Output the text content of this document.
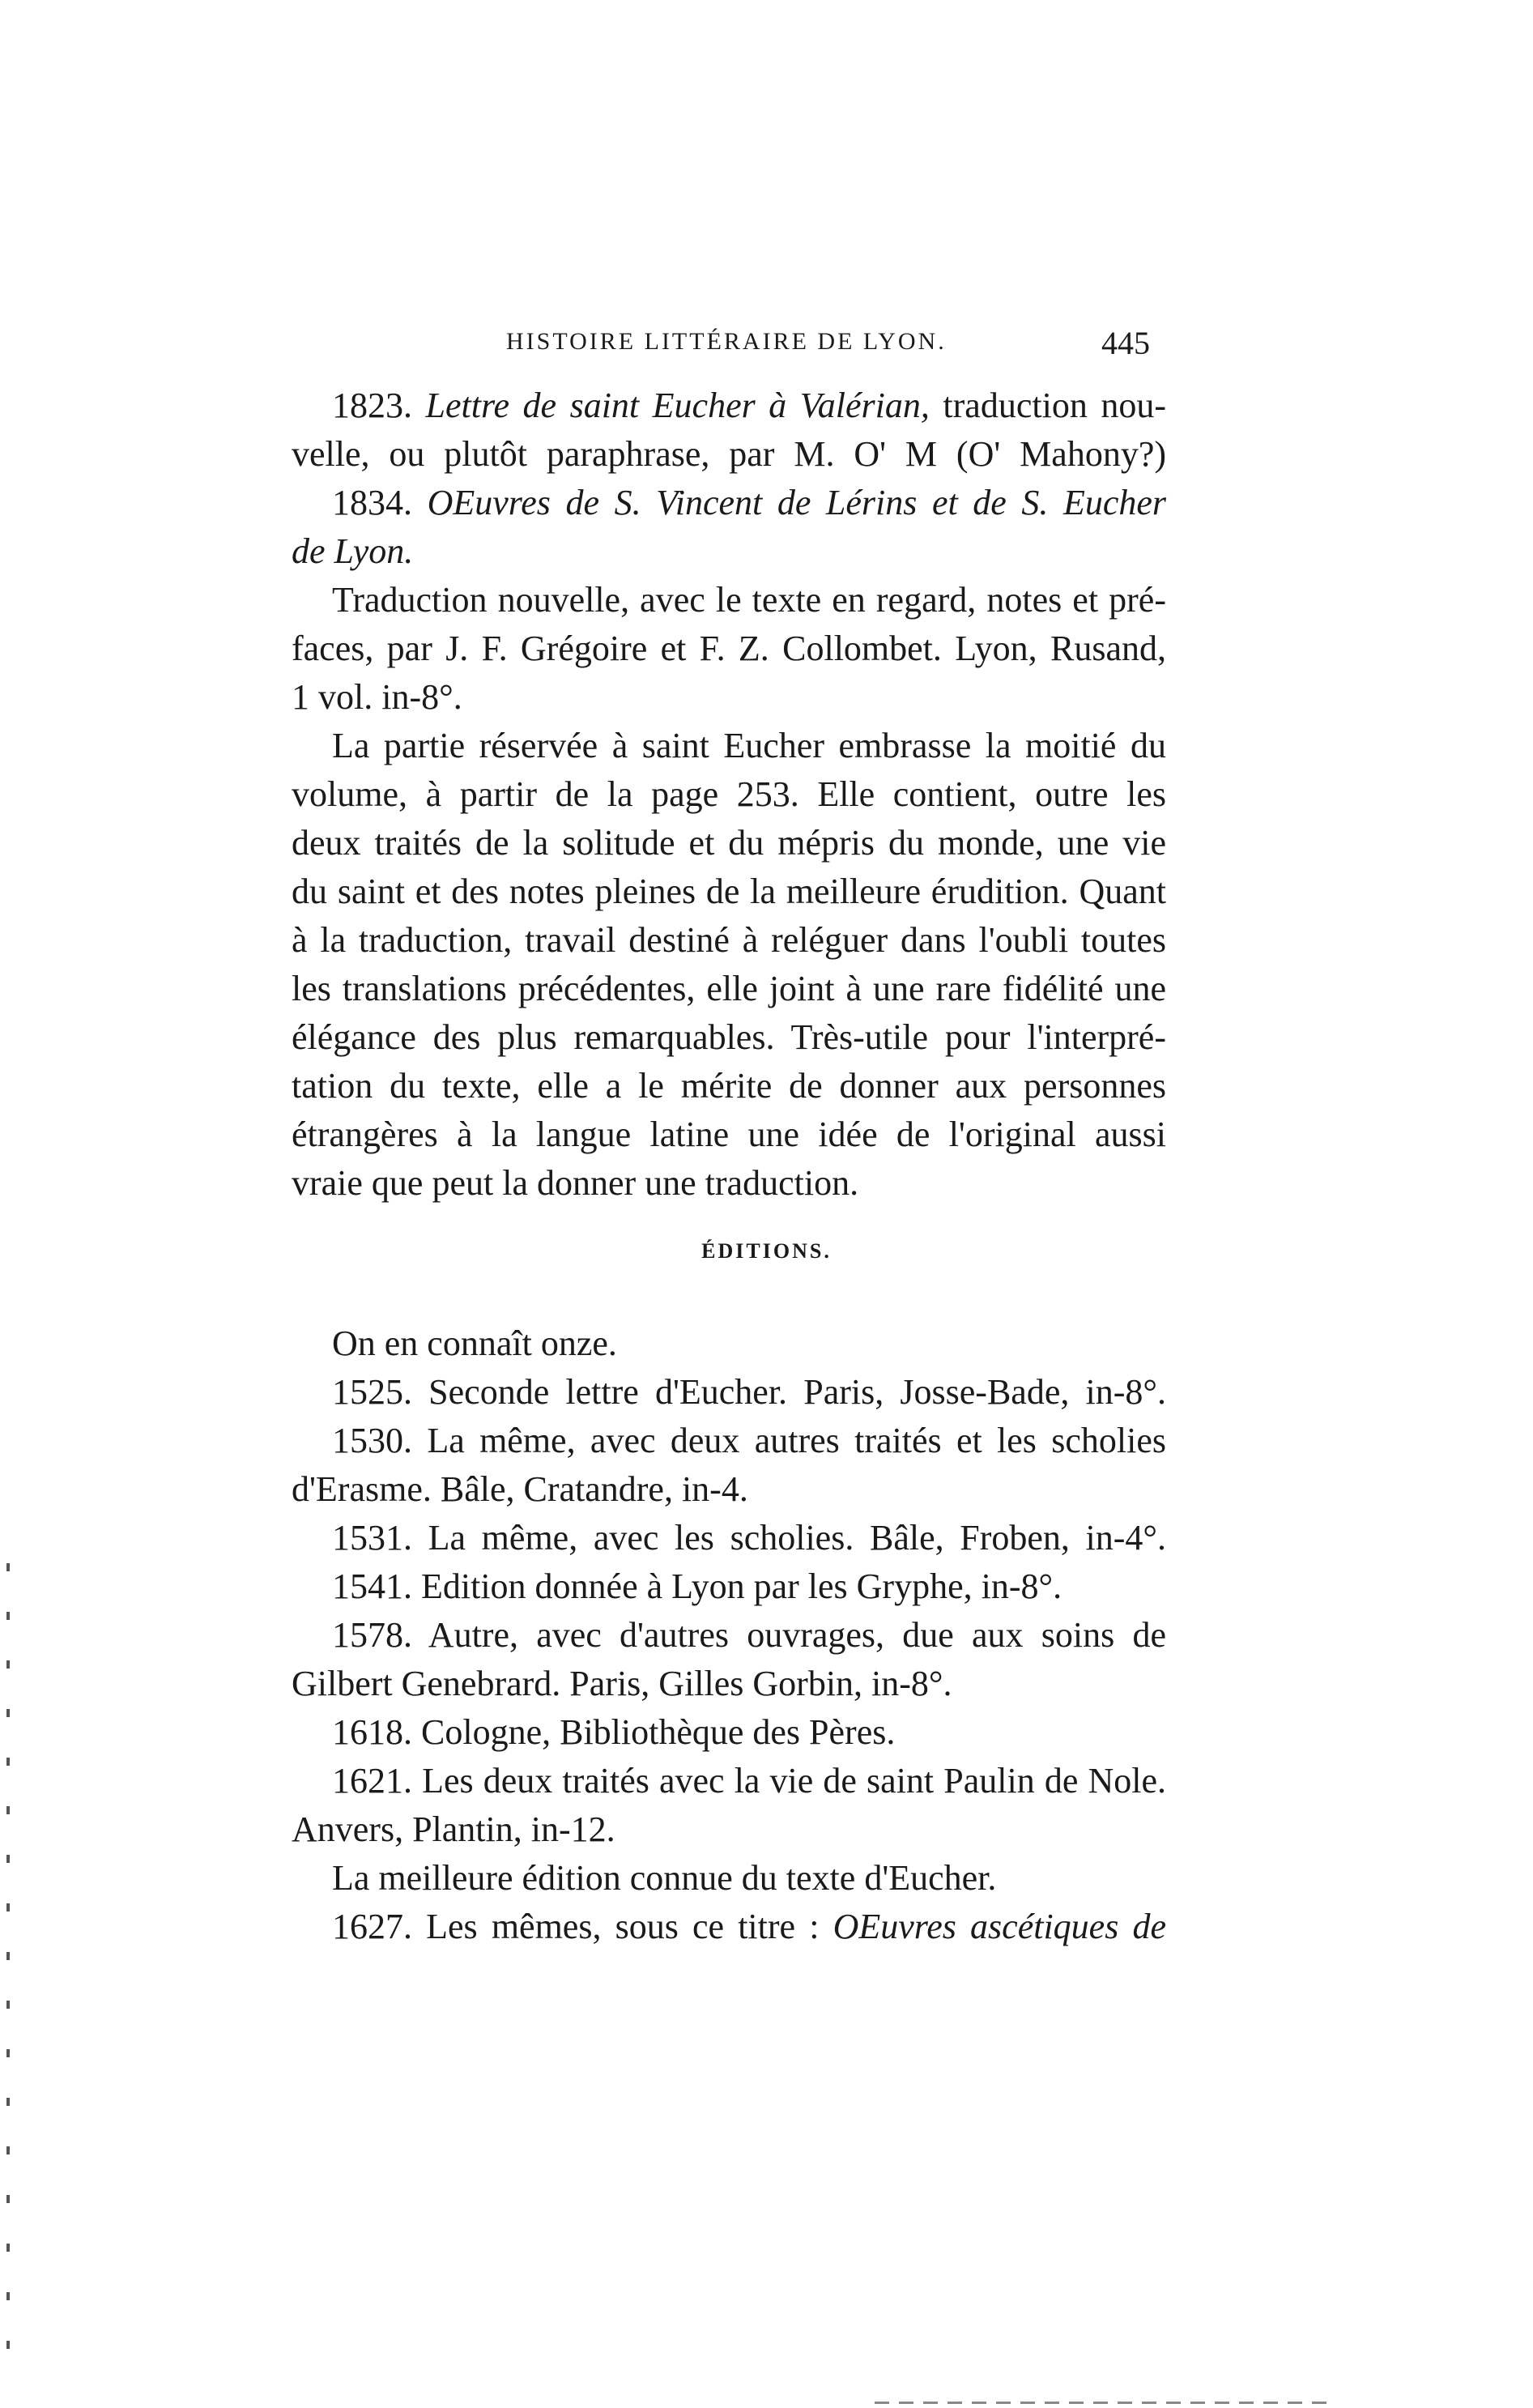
HISTOIRE LITTÉRAIRE DE LYON.	445
1823. Lettre de saint Eucher à Valérian, traduction nou-
velle, ou plutôt paraphrase, par M. O' M (O' Mahony?)
1834. OEuvres de S. Vincent de Lérins et de S. Eucher
de Lyon.
Traduction nouvelle, avec le texte en regard, notes et pré-
faces, par J. F. Grégoire et F. Z. Collombet. Lyon, Rusand,
1 vol. in-8°.
La partie réservée à saint Eucher embrasse la moitié du
volume, à partir de la page 253. Elle contient, outre les
deux traités de la solitude et du mépris du monde, une vie
du saint et des notes pleines de la meilleure érudition. Quant
à la traduction, travail destiné à reléguer dans l'oubli toutes
les translations précédentes, elle joint à une rare fidélité une
élégance des plus remarquables. Très-utile pour l'interpré-
tation du texte, elle a le mérite de donner aux personnes
étrangères à la langue latine une idée de l'original aussi
vraie que peut la donner une traduction.
ÉDITIONS.
On en connaît onze.
1525. Seconde lettre d'Eucher. Paris, Josse-Bade, in-8°.
1530. La même, avec deux autres traités et les scholies
d'Erasme. Bâle, Cratandre, in-4.
1531. La même, avec les scholies. Bâle, Froben, in-4°.
1541. Edition donnée à Lyon par les Gryphe, in-8°.
1578. Autre, avec d'autres ouvrages, due aux soins de
Gilbert Genebrard. Paris, Gilles Gorbin, in-8°.
1618. Cologne, Bibliothèque des Pères.
1621. Les deux traités avec la vie de saint Paulin de Nole.
Anvers, Plantin, in-12.
La meilleure édition connue du texte d'Eucher.
1627. Les mêmes, sous ce titre : OEuvres ascétiques de
